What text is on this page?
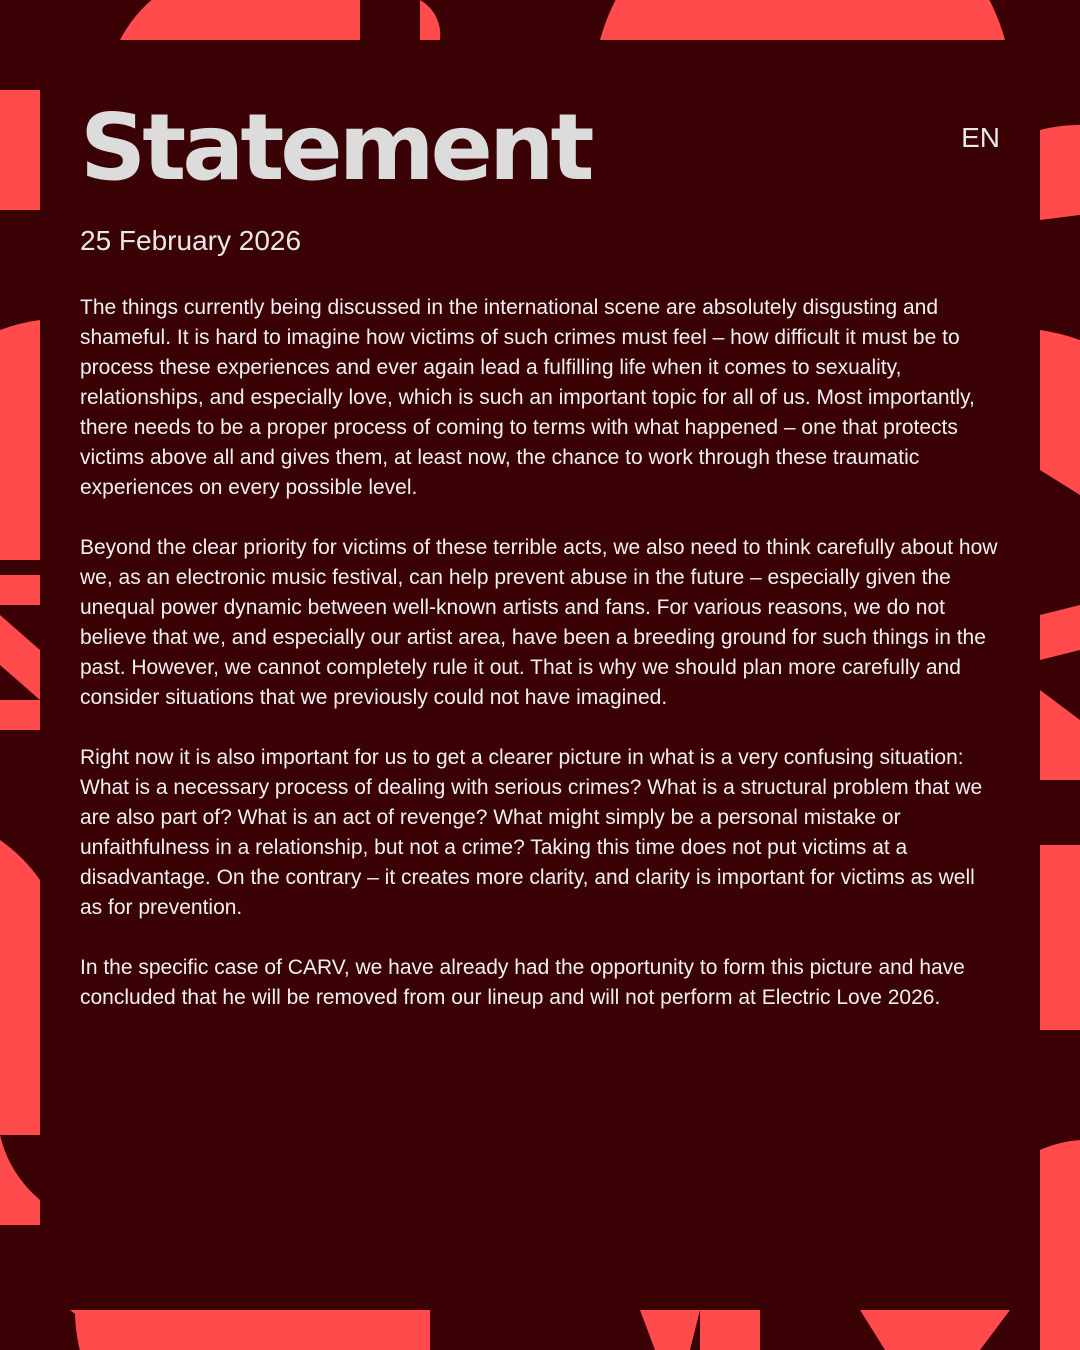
Statement	EN
25 February 2026

The things currently being discussed in the international scene are absolutely disgusting and shameful. It is hard to imagine how victims of such crimes must feel – how difficult it must be to process these experiences and ever again lead a fulfilling life when it comes to sexuality, relationships, and especially love, which is such an important topic for all of us. Most importantly, there needs to be a proper process of coming to terms with what happened – one that protects victims above all and gives them, at least now, the chance to work through these traumatic experiences on every possible level.

Beyond the clear priority for victims of these terrible acts, we also need to think carefully about how we, as an electronic music festival, can help prevent abuse in the future – especially given the unequal power dynamic between well-known artists and fans. For various reasons, we do not believe that we, and especially our artist area, have been a breeding ground for such things in the past. However, we cannot completely rule it out. That is why we should plan more carefully and consider situations that we previously could not have imagined.

Right now it is also important for us to get a clearer picture in what is a very confusing situation: What is a necessary process of dealing with serious crimes? What is a structural problem that we are also part of? What is an act of revenge? What might simply be a personal mistake or unfaithfulness in a relationship, but not a crime? Taking this time does not put victims at a disadvantage. On the contrary – it creates more clarity, and clarity is important for victims as well as for prevention.

In the specific case of CARV, we have already had the opportunity to form this picture and have concluded that he will be removed from our lineup and will not perform at Electric Love 2026.
